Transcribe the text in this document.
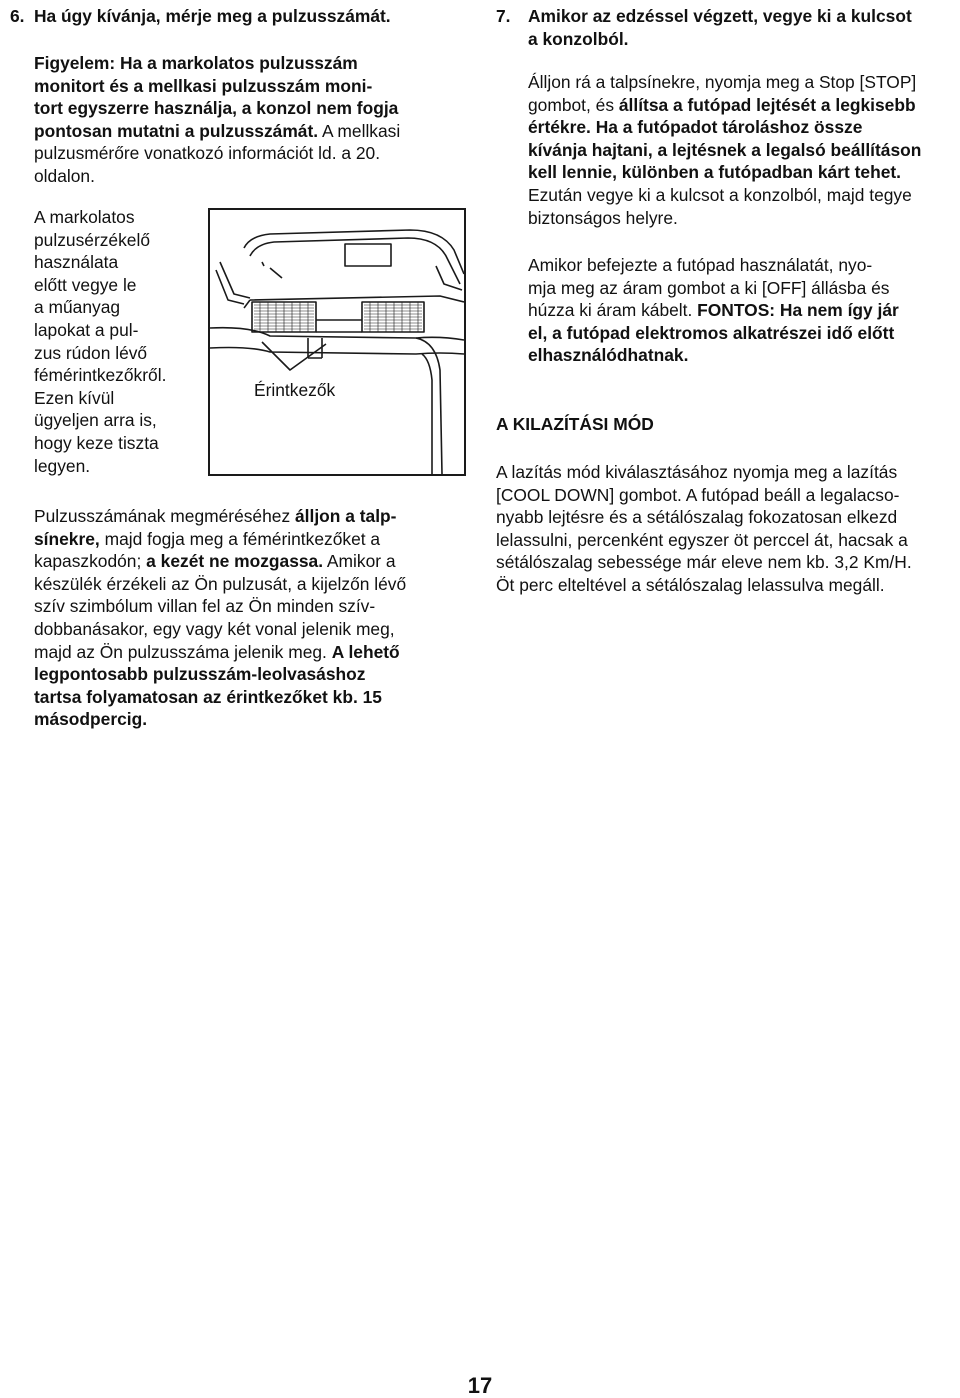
6. Ha úgy kívánja, mérje meg a pulzusszámát.
Figyelem: Ha a markolatos pulzusszám
monitort és a mellkasi pulzusszám moni-
tort egyszerre használja, a konzol nem fogja
pontosan mutatni a pulzusszámát. A mellkasi
pulzusmérőre vonatkozó információt ld. a 20.
oldalon.
A markolatos
pulzusérzékelő
használata
előtt vegye le
a műanyag
lapokat a pul-
zus rúdon lévő
fémérintkezőkről.
Ezen kívül
ügyeljen arra is,
hogy keze tiszta
legyen.
Érintkezők
Pulzusszámának megméréséhez álljon a talp-
sínekre, majd fogja meg a fémérintkezőket a
kapaszkodón; a kezét ne mozgassa. Amikor a
készülék érzékeli az Ön pulzusát, a kijelzőn lévő
szív szimbólum villan fel az Ön minden szív-
dobbanásakor, egy vagy két vonal jelenik meg,
majd az Ön pulzusszáma jelenik meg. A lehető
legpontosabb pulzusszám-leolvasáshoz
tartsa folyamatosan az érintkezőket kb. 15
másodpercig.
7. Amikor az edzéssel végzett, vegye ki a kulcsot
a konzolból.
Álljon rá a talpsínekre, nyomja meg a Stop [STOP]
gombot, és állítsa a futópad lejtését a legkisebb
értékre. Ha a futópadot tároláshoz össze
kívánja hajtani, a lejtésnek a legalsó beállításon
kell lennie, különben a futópadban kárt tehet.
Ezután vegye ki a kulcsot a konzolból, majd tegye
biztonságos helyre.
Amikor befejezte a futópad használatát, nyo-
mja meg az áram gombot a ki [OFF] állásba és
húzza ki áram kábelt. FONTOS: Ha nem így jár
el, a futópad elektromos alkatrészei idő előtt
elhasználódhatnak.
A KILAZÍTÁSI MÓD
A lazítás mód kiválasztásához nyomja meg a lazítás
[COOL DOWN] gombot. A futópad beáll a legalacso-
nyabb lejtésre és a sétálószalag fokozatosan elkezd
lelassulni, percenként egyszer öt perccel át, hacsak a
sétálószalag sebessége már eleve nem kb. 3,2 Km/H.
Öt perc elteltével a sétálószalag lelassulva megáll.
17
